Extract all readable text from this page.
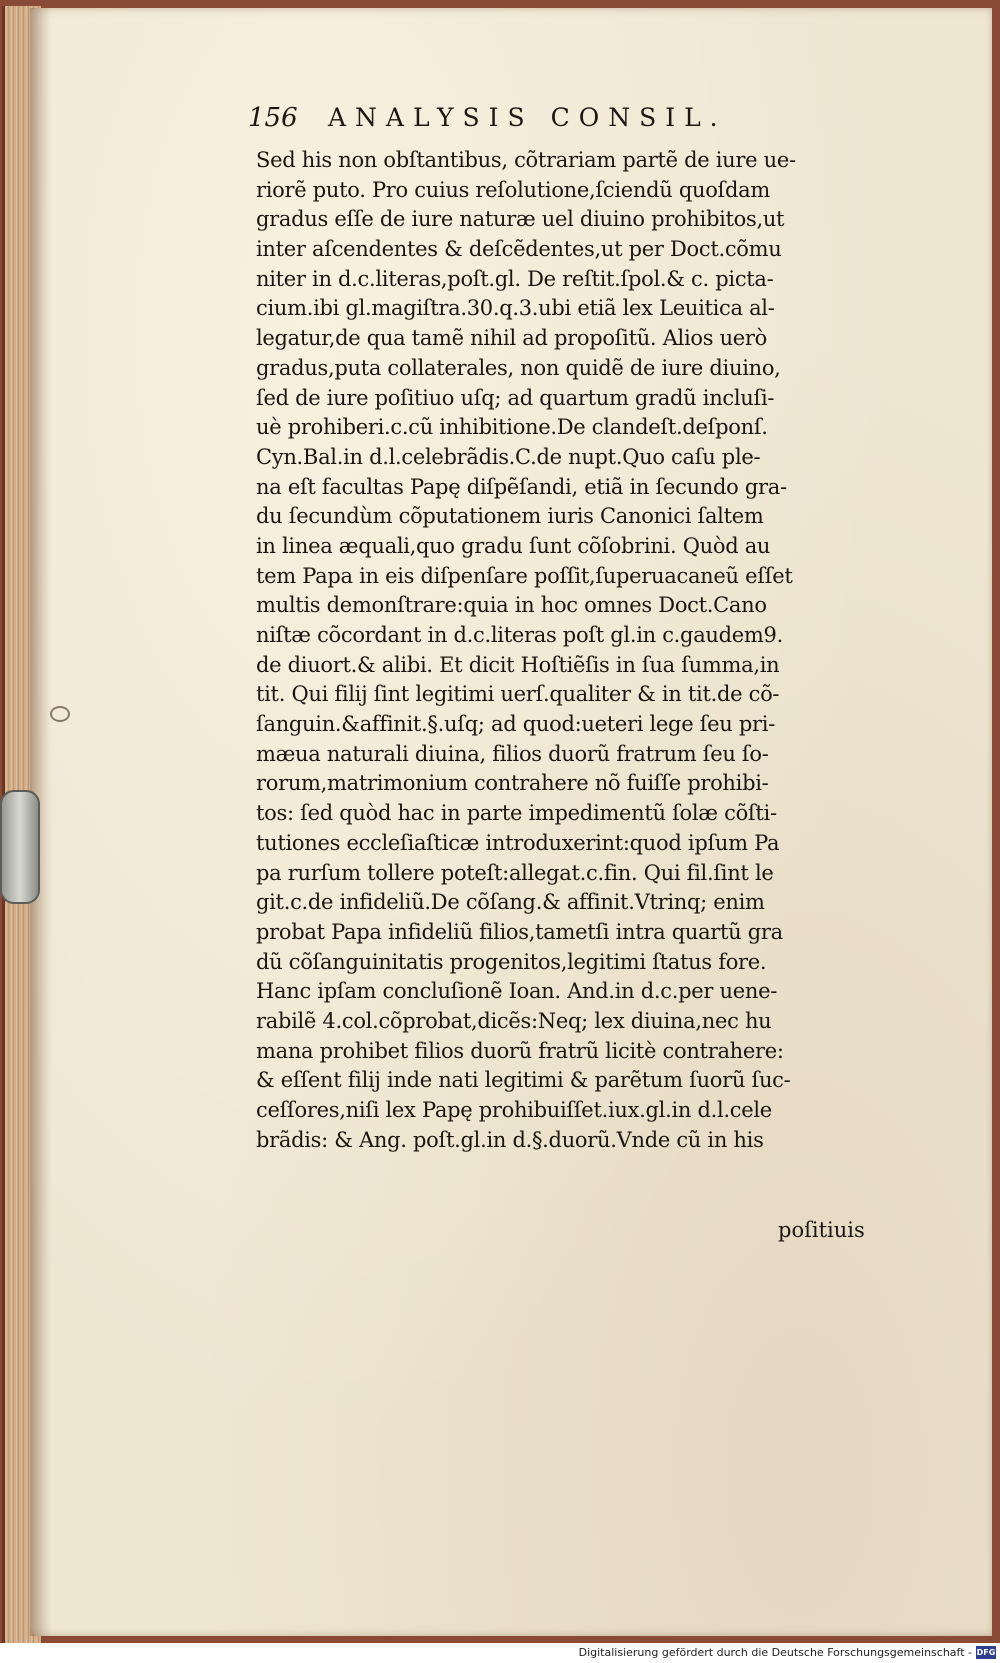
156	ANALYSIS CONSIL.
Sed his non obſtantibus, cõtrariam partẽ de iure ue-
riorẽ puto. Pro cuius reſolutione,ſciendũ quoſdam
gradus eſſe de iure naturæ uel diuino prohibitos,ut
inter aſcendentes & deſcẽdentes,ut per Doct.cõmu
niter in d.c.literas,poſt.gl. De reſtit.ſpol.& c. picta-
cium.ibi gl.magiſtra.30.q.3.ubi etiã lex Leuitica al-
legatur,de qua tamẽ nihil ad propoſitũ. Alios uerò
gradus,puta collaterales, non quidẽ de iure diuino,
ſed de iure poſitiuo uſq; ad quartum gradũ incluſi-
uè prohiberi.c.cũ inhibitione.De clandeſt.deſponſ.
Cyn.Bal.in d.l.celebrãdis.C.de nupt.Quo caſu ple-
na eſt facultas Papę diſpẽſandi, etiã in ſecundo gra-
du ſecundùm cõputationem iuris Canonici ſaltem
in linea æquali,quo gradu ſunt cõſobrini. Quòd au
tem Papa in eis diſpenſare poſſit,ſuperuacaneũ eſſet
multis demonſtrare:quia in hoc omnes Doct.Cano
niſtæ cõcordant in d.c.literas poſt gl.in c.gaudem9.
de diuort.& alibi. Et dicit Hoſtiẽſis in ſua ſumma,in
tit. Qui filij ſint legitimi uerſ.qualiter & in tit.de cõ-
ſanguin.&affinit.§.uſq; ad quod:ueteri lege ſeu pri-
mæua naturali diuina, filios duorũ fratrum ſeu ſo-
rorum,matrimonium contrahere nõ fuiſſe prohibi-
tos: ſed quòd hac in parte impedimentũ ſolæ cõſti-
tutiones eccleſiaſticæ introduxerint:quod ipſum Pa
pa rurſum tollere poteſt:allegat.c.fin. Qui fil.ſint le
git.c.de infideliũ.De cõſang.& affinit.Vtrinq; enim
probat Papa infideliũ filios,tametſi intra quartũ gra
dũ cõſanguinitatis progenitos,legitimi ſtatus fore.
Hanc ipſam concluſionẽ Ioan. And.in d.c.per uene-
rabilẽ 4.col.cõprobat,dicẽs:Neq; lex diuina,nec hu
mana prohibet filios duorũ fratrũ licitè contrahere:
& eſſent filij inde nati legitimi & parẽtum ſuorũ ſuc-
ceſſores,niſi lex Papę prohibuiſſet.iux.gl.in d.l.cele
brãdis: & Ang. poſt.gl.in d.§.duorũ.Vnde cũ in his
poſitiuis
Digitalisierung gefördert durch die Deutsche Forschungsgemeinschaft - DFG
